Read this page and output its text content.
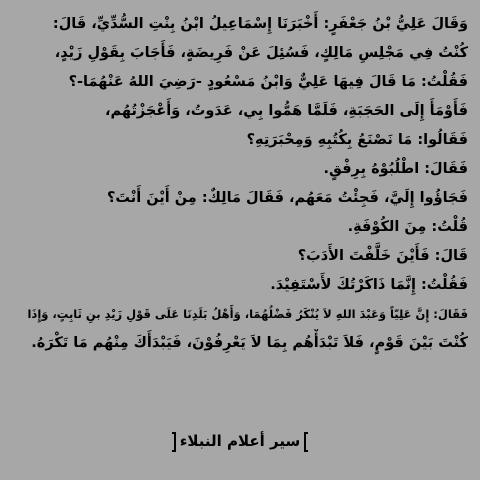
وَقَالَ عَلِيُّ بْنُ جَعْفَرٍ: أَخْبَرَنَا إِسْمَاعِيلُ ابْنُ بِنْتِ السُّدِّيِّ، قَالَ:
كُنْتُ فِي مَجْلِسِ مَالِكٍ، فَسُئِلَ عَنْ فَرِيضَةٍ، فَأَجَابَ بِقَوْلِ زَيْدٍ،
فَقُلْتُ: مَا قَالَ فِيهَا عَلِيٌّ وَابْنُ مَسْعُودٍ -رَضِيَ اللهُ عَنْهُمَا-؟
فَأَوْمَأَ إِلَى الحَجَبَةِ، فَلَمَّا هَمُّوا بِي، عَدَوتُ، وَأَعْجَزْتُهُم،
فَقَالُوا: مَا نَصْنَعُ بِكُتُبِهِ وَمِحْبَرَتِهِ؟
فَقَالَ: اطْلُبُوْهُ بِرِفْقٍ.
فَجَاؤُوا إِلَيَّ، فَجِئْتُ مَعَهُم، فَقَالَ مَالِكٌ: مِنْ أَيْنَ أَنْتَ؟
قُلْتُ: مِنَ الكُوْفَةِ.
قَالَ: فَأَيْنَ خَلَّفْتَ الأَدَبَ؟
فَقُلْتُ: إِنَّمَا ذَاكَرْتُكَ لأَسْتَفِيْدَ.
فَقَالَ: إِنَّ عَلِيّاً وَعَبْدَ اللهِ لاَ يُنْكَرُ فَضْلُهُمَا، وَأَهْلُ بَلَدِنَا عَلَى قَوْلِ زَيْدِ بنِ ثَابِتٍ، وَإِذَا
كُنْتَ بَيْنَ قَوْمٍ، فَلاَ تَبْدَأْهُم بِمَا لاَ يَعْرِفُوْنَ، فَيَبْدَأَكَ مِنْهُم مَا تَكْرَهُ.
سير أعلام النبلاء
